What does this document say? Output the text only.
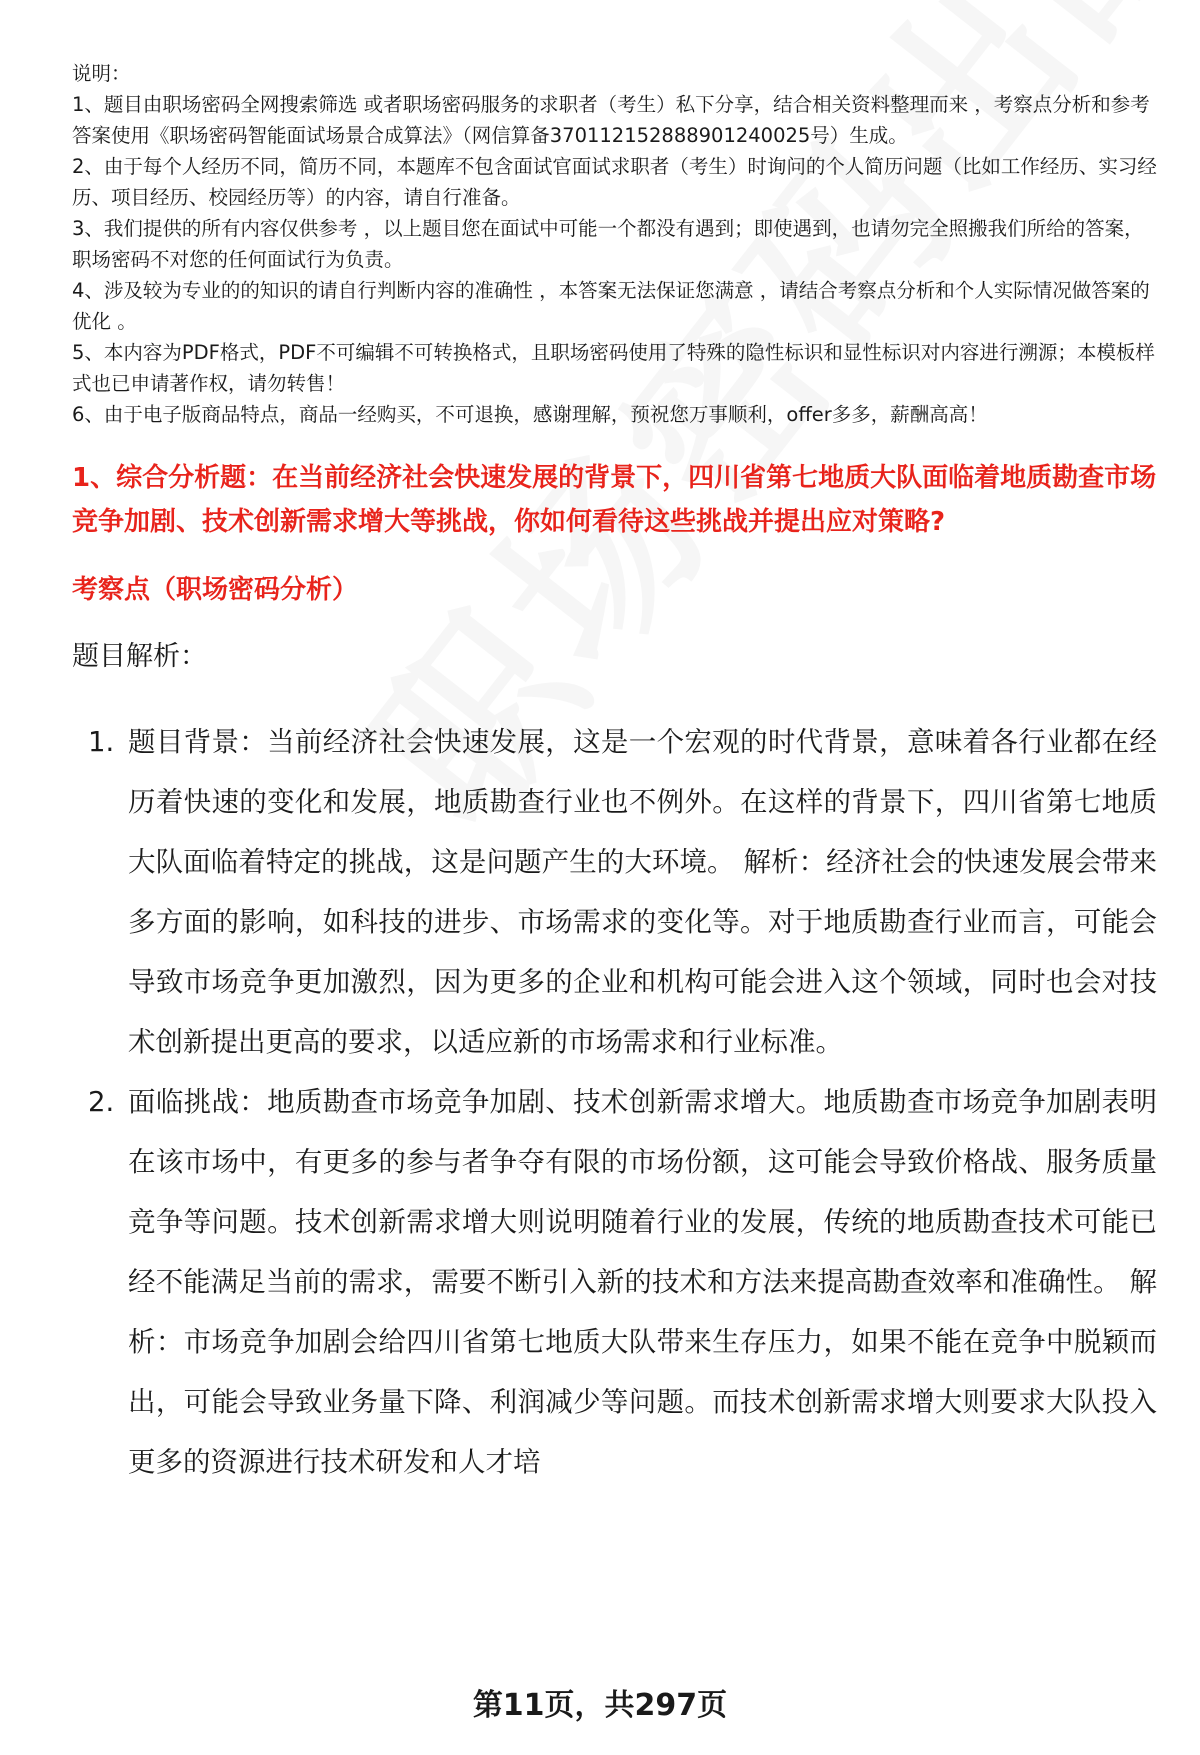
说明：

1、题目由职场密码全网搜索筛选 或者职场密码服务的求职者（考生）私下分享，结合相关资料整理而来 ，考察点分析和参考答案使用《职场密码智能面试场景合成算法》（网信算备370112152888901240025号）生成。

2、由于每个人经历不同，简历不同，本题库不包含面试官面试求职者（考生）时询问的个人简历问题（比如工作经历、实习经历、项目经历、校园经历等）的内容，请自行准备。

3、我们提供的所有内容仅供参考 ，以上题目您在面试中可能一个都没有遇到；即使遇到，也请勿完全照搬我们所给的答案，职场密码不对您的任何面试行为负责。

4、涉及较为专业的的知识的请自行判断内容的准确性 ，本答案无法保证您满意 ，请结合考察点分析和个人实际情况做答案的优化 。

5、本内容为PDF格式，PDF不可编辑不可转换格式，且职场密码使用了特殊的隐性标识和显性标识对内容进行溯源；本模板样式也已申请著作权，请勿转售！

6、由于电子版商品特点，商品一经购买，不可退换，感谢理解，预祝您万事顺利，offer多多，薪酬高高！

1、综合分析题：在当前经济社会快速发展的背景下，四川省第七地质大队面临着地质勘查市场竞争加剧、技术创新需求增大等挑战，你如何看待这些挑战并提出应对策略?
考察点（职场密码分析）
题目解析：
1. 题目背景：当前经济社会快速发展，这是一个宏观的时代背景，意味着各行业都在经历着快速的变化和发展，地质勘查行业也不例外。在这样的背景下，四川省第七地质大队面临着特定的挑战，这是问题产生的大环境。 解析：经济社会的快速发展会带来多方面的影响，如科技的进步、市场需求的变化等。对于地质勘查行业而言，可能会导致市场竞争更加激烈，因为更多的企业和机构可能会进入这个领域，同时也会对技术创新提出更高的要求，以适应新的市场需求和行业标准。
2. 面临挑战：地质勘查市场竞争加剧、技术创新需求增大。地质勘查市场竞争加剧表明在该市场中，有更多的参与者争夺有限的市场份额，这可能会导致价格战、服务质量竞争等问题。技术创新需求增大则说明随着行业的发展，传统的地质勘查技术可能已经不能满足当前的需求，需要不断引入新的技术和方法来提高勘查效率和准确性。 解析：市场竞争加剧会给四川省第七地质大队带来生存压力，如果不能在竞争中脱颖而出，可能会导致业务量下降、利润减少等问题。而技术创新需求增大则要求大队投入更多的资源进行技术研发和人才培
第11页，共297页
